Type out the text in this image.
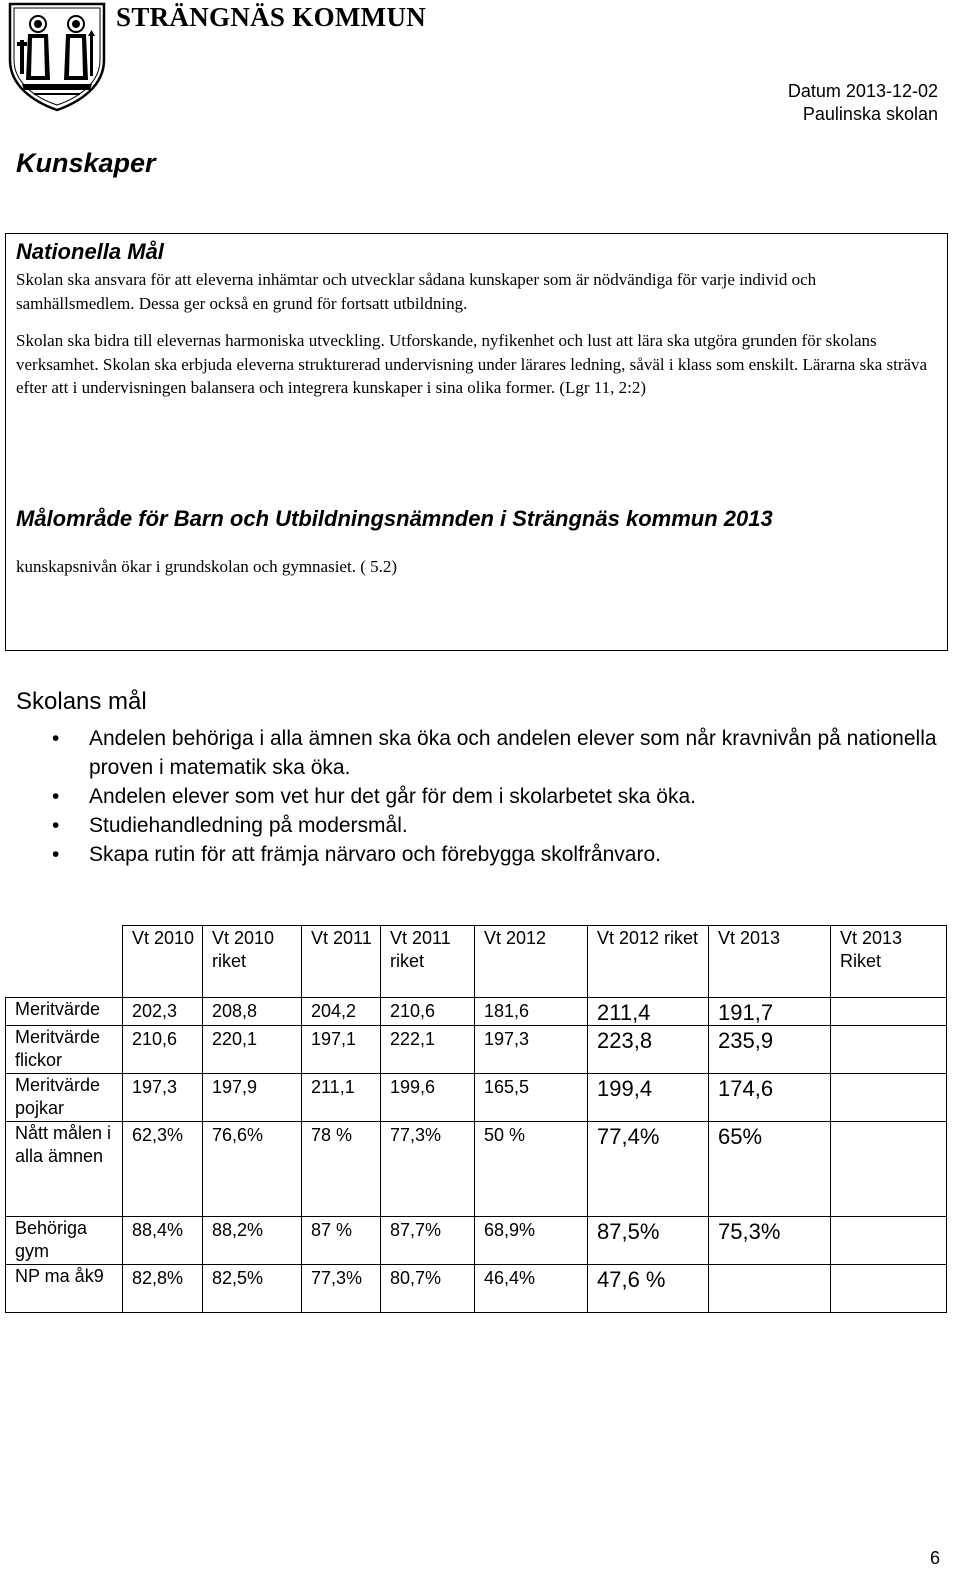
STRÄNGNÄS KOMMUN
Datum 2013-12-02
Paulinska skolan
Kunskaper
Nationella Mål

Skolan ska ansvara för att eleverna inhämtar och utvecklar sådana kunskaper som är nödvändiga för varje individ och samhällsmedlem. Dessa ger också en grund för fortsatt utbildning.

Skolan ska bidra till elevernas harmoniska utveckling. Utforskande, nyfikenhet och lust att lära ska utgöra grunden för skolans verksamhet. Skolan ska erbjuda eleverna strukturerad undervisning under lärares ledning, såväl i klass som enskilt. Lärarna ska sträva efter att i undervisningen balansera och integrera kunskaper i sina olika former. (Lgr 11, 2:2)

Målområde för Barn och Utbildningsnämnden i Strängnäs kommun 2013
kunskapsnivån ökar i grundskolan och gymnasiet. ( 5.2)
Skolans mål
• Andelen behöriga i alla ämnen ska öka och andelen elever som når kravnivån på nationella proven i matematik ska öka.
• Andelen elever som vet hur det går för dem i skolarbetet ska öka.
• Studiehandledning på modersmål.
• Skapa rutin för att främja närvaro och förebygga skolfrånvaro.
	Vt 2010	Vt 2010 riket	Vt 2011	Vt 2011 riket	Vt 2012	Vt 2012 riket	Vt 2013	Vt 2013 Riket
Meritvärde	202,3	208,8	204,2	210,6	181,6	211,4	191,7	
Meritvärde flickor	210,6	220,1	197,1	222,1	197,3	223,8	235,9	
Meritvärde pojkar	197,3	197,9	211,1	199,6	165,5	199,4	174,6	
Nått målen i alla ämnen	62,3%	76,6%	78 %	77,3%	50 %	77,4%	65%	
Behöriga gym	88,4%	88,2%	87 %	87,7%	68,9%	87,5%	75,3%	
NP ma åk9	82,8%	82,5%	77,3%	80,7%	46,4%	47,6 %		
6
